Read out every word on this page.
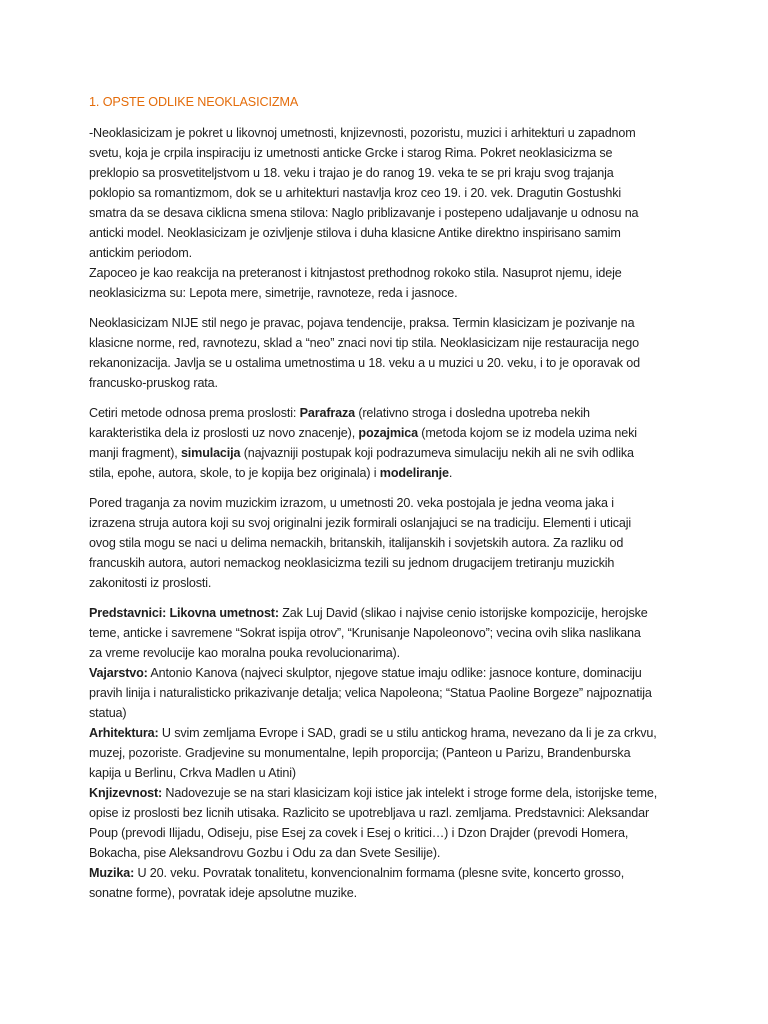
1. OPSTE ODLIKE NEOKLASICIZMA
-Neoklasicizam je pokret u likovnoj umetnosti, knjizevnosti, pozoristu, muzici i arhitekturi u zapadnom
svetu, koja je crpila inspiraciju iz umetnosti anticke Grcke i starog Rima. Pokret neoklasicizma se
preklopio sa prosvetiteljstvom u 18. veku i trajao je do ranog 19. veka te se pri kraju svog trajanja
poklopio sa romantizmom, dok se u arhitekturi nastavlja kroz ceo 19. i 20. vek. Dragutin Gostushki
smatra da se desava ciklicna smena stilova: Naglo priblizavanje i postepeno udaljavanje u odnosu na
anticki model. Neoklasicizam je ozivljenje stilova i duha klasicne Antike direktno inspirisano samim
antickim periodom.
Zapoceo je kao reakcija na preteranost i kitnjastost prethodnog rokoko stila. Nasuprot njemu, ideje
neoklasicizma su: Lepota mere, simetrije, ravnoteze, reda i jasnoce.
Neoklasicizam NIJE stil nego je pravac, pojava tendencije, praksa. Termin klasicizam je pozivanje na
klasicne norme, red, ravnotezu, sklad a “neo” znaci novi tip stila. Neoklasicizam nije restauracija nego
rekanonizacija. Javlja se u ostalima umetnostima u 18. veku a u muzici u 20. veku, i to je oporavak od
francusko-pruskog rata.
Cetiri metode odnosa prema proslosti: Parafraza (relativno stroga i dosledna upotreba nekih
karakteristika dela iz proslosti uz novo znacenje), pozajmica (metoda kojom se iz modela uzima neki
manji fragment), simulacija (najvazniji postupak koji podrazumeva simulaciju nekih ali ne svih odlika
stila, epohe, autora, skole, to je kopija bez originala) i modeliranje.
Pored traganja za novim muzickim izrazom, u umetnosti 20. veka postojala je jedna veoma jaka i
izrazena struja autora koji su svoj originalni jezik formirali oslanjajuci se na tradiciju. Elementi i uticaji
ovog stila mogu se naci u delima nemackih, britanskih, italijanskih i sovjetskih autora. Za razliku od
francuskih autora, autori nemackog neoklasicizma tezili su jednom drugacijem tretiranju muzickih
zakonitosti iz proslosti.
Predstavnici: Likovna umetnost: Zak Luj David (slikao i najvise cenio istorijske kompozicije, herojske
teme, anticke i savremene “Sokrat ispija otrov”, “Krunisanje Napoleonovo”; vecina ovih slika naslikana
za vreme revolucije kao moralna pouka revolucionarima).
Vajarstvo: Antonio Kanova (najveci skulptor, njegove statue imaju odlike: jasnoce konture, dominaciju
pravih linija i naturalisticko prikazivanje detalja; velica Napoleona; “Statua Paoline Borgeze” najpoznatija
statua)
Arhitektura: U svim zemljama Evrope i SAD, gradi se u stilu antickog hrama, nevezano da li je za crkvu,
muzej, pozoriste. Gradjevine su monumentalne, lepih proporcija; (Panteon u Parizu, Brandenburska
kapija u Berlinu, Crkva Madlen u Atini)
Knjizevnost: Nadovezuje se na stari klasicizam koji istice jak intelekt i stroge forme dela, istorijske teme,
opise iz proslosti bez licnih utisaka. Razlicito se upotrebljava u razl. zemljama. Predstavnici: Aleksandar
Poup (prevodi Ilijadu, Odiseju, pise Esej za covek i Esej o kritici…) i Dzon Drajder (prevodi Homera,
Bokacha, pise Aleksandrovu Gozbu i Odu za dan Svete Sesilije).
Muzika: U 20. veku. Povratak tonalitetu, konvencionalnim formama (plesne svite, koncerto grosso,
sonatne forme), povratak ideje apsolutne muzike.
